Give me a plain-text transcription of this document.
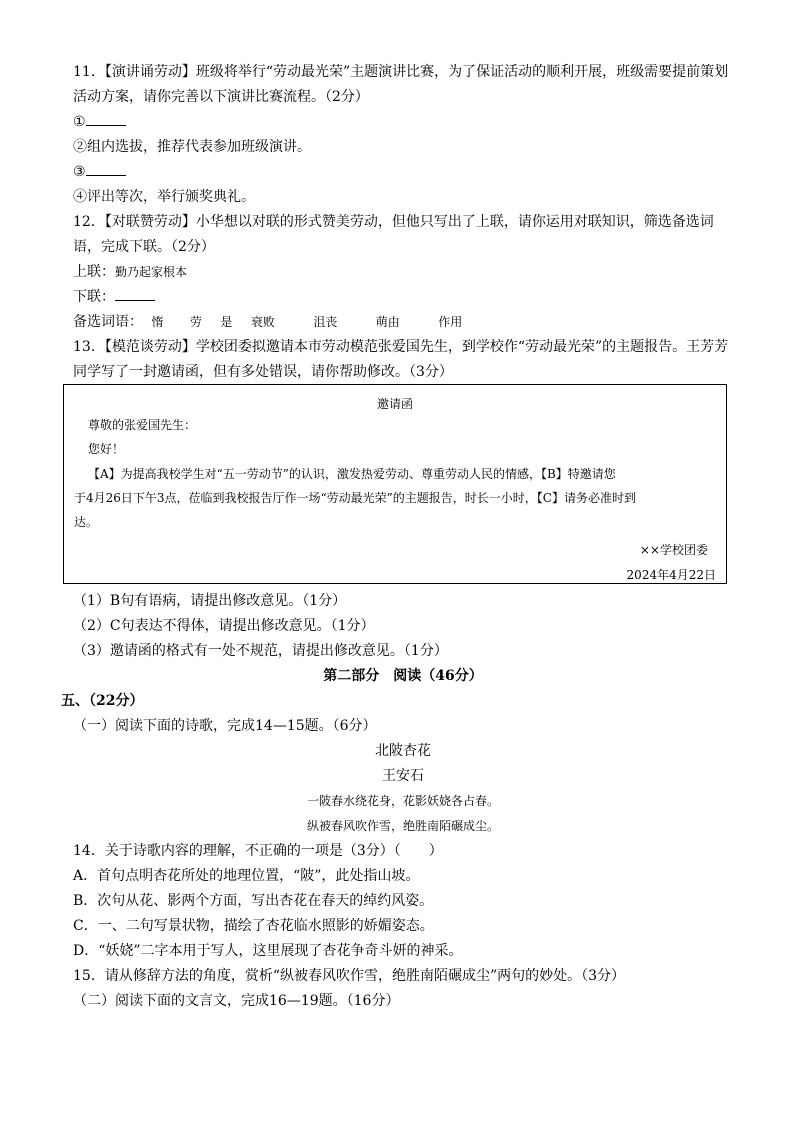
11．【演讲诵劳动】班级将举行“劳动最光荣”主题演讲比赛，为了保证活动的顺利开展，班级需要提前策划
活动方案，请你完善以下演讲比赛流程。（2分）
①
②组内选拔，推荐代表参加班级演讲。
③
④评出等次，举行颁奖典礼。
12．【对联赞劳动】小华想以对联的形式赞美劳动，但他只写出了上联，请你运用对联知识，筛选备选词
语，完成下联。（2分）
上联：勤乃起家根本
下联：
备选词语： 惰 劳 是 衰败	沮丧	萌由	作用
13．【模范谈劳动】学校团委拟邀请本市劳动模范张爱国先生，到学校作“劳动最光荣”的主题报告。王芳芳
同学写了一封邀请函，但有多处错误，请你帮助修改。（3分）
邀请函
尊敬的张爱国先生：
您好！
【A】为提高我校学生对“五一劳动节”的认识，激发热爱劳动、尊重劳动人民的情感，【B】特邀请您
于4月26日下午3点，莅临到我校报告厅作一场“劳动最光荣”的主题报告，时长一小时，【C】请务必准时到
达。
××学校团委
2024年4月22日
（1）B句有语病，请提出修改意见。（1分）
（2）C句表达不得体，请提出修改意见。（1分）
（3）邀请函的格式有一处不规范，请提出修改意见。（1分）
第二部分　阅读（46分）
五、（22分）
（一）阅读下面的诗歌，完成14—15题。（6分）
北陂杏花
王安石
一陂春水绕花身，花影妖娆各占春。
纵被春风吹作雪，绝胜南陌碾成尘。
14．关于诗歌内容的理解，不正确的一项是（3分）（　　）
A．首句点明杏花所处的地理位置，“陂”，此处指山坡。
B．次句从花、影两个方面，写出杏花在春天的绰约风姿。
C．一、二句写景状物，描绘了杏花临水照影的娇媚姿态。
D．“妖娆”二字本用于写人，这里展现了杏花争奇斗妍的神采。
15．请从修辞方法的角度，赏析“纵被春风吹作雪，绝胜南陌碾成尘”两句的妙处。（3分）
（二）阅读下面的文言文，完成16—19题。（16分）
